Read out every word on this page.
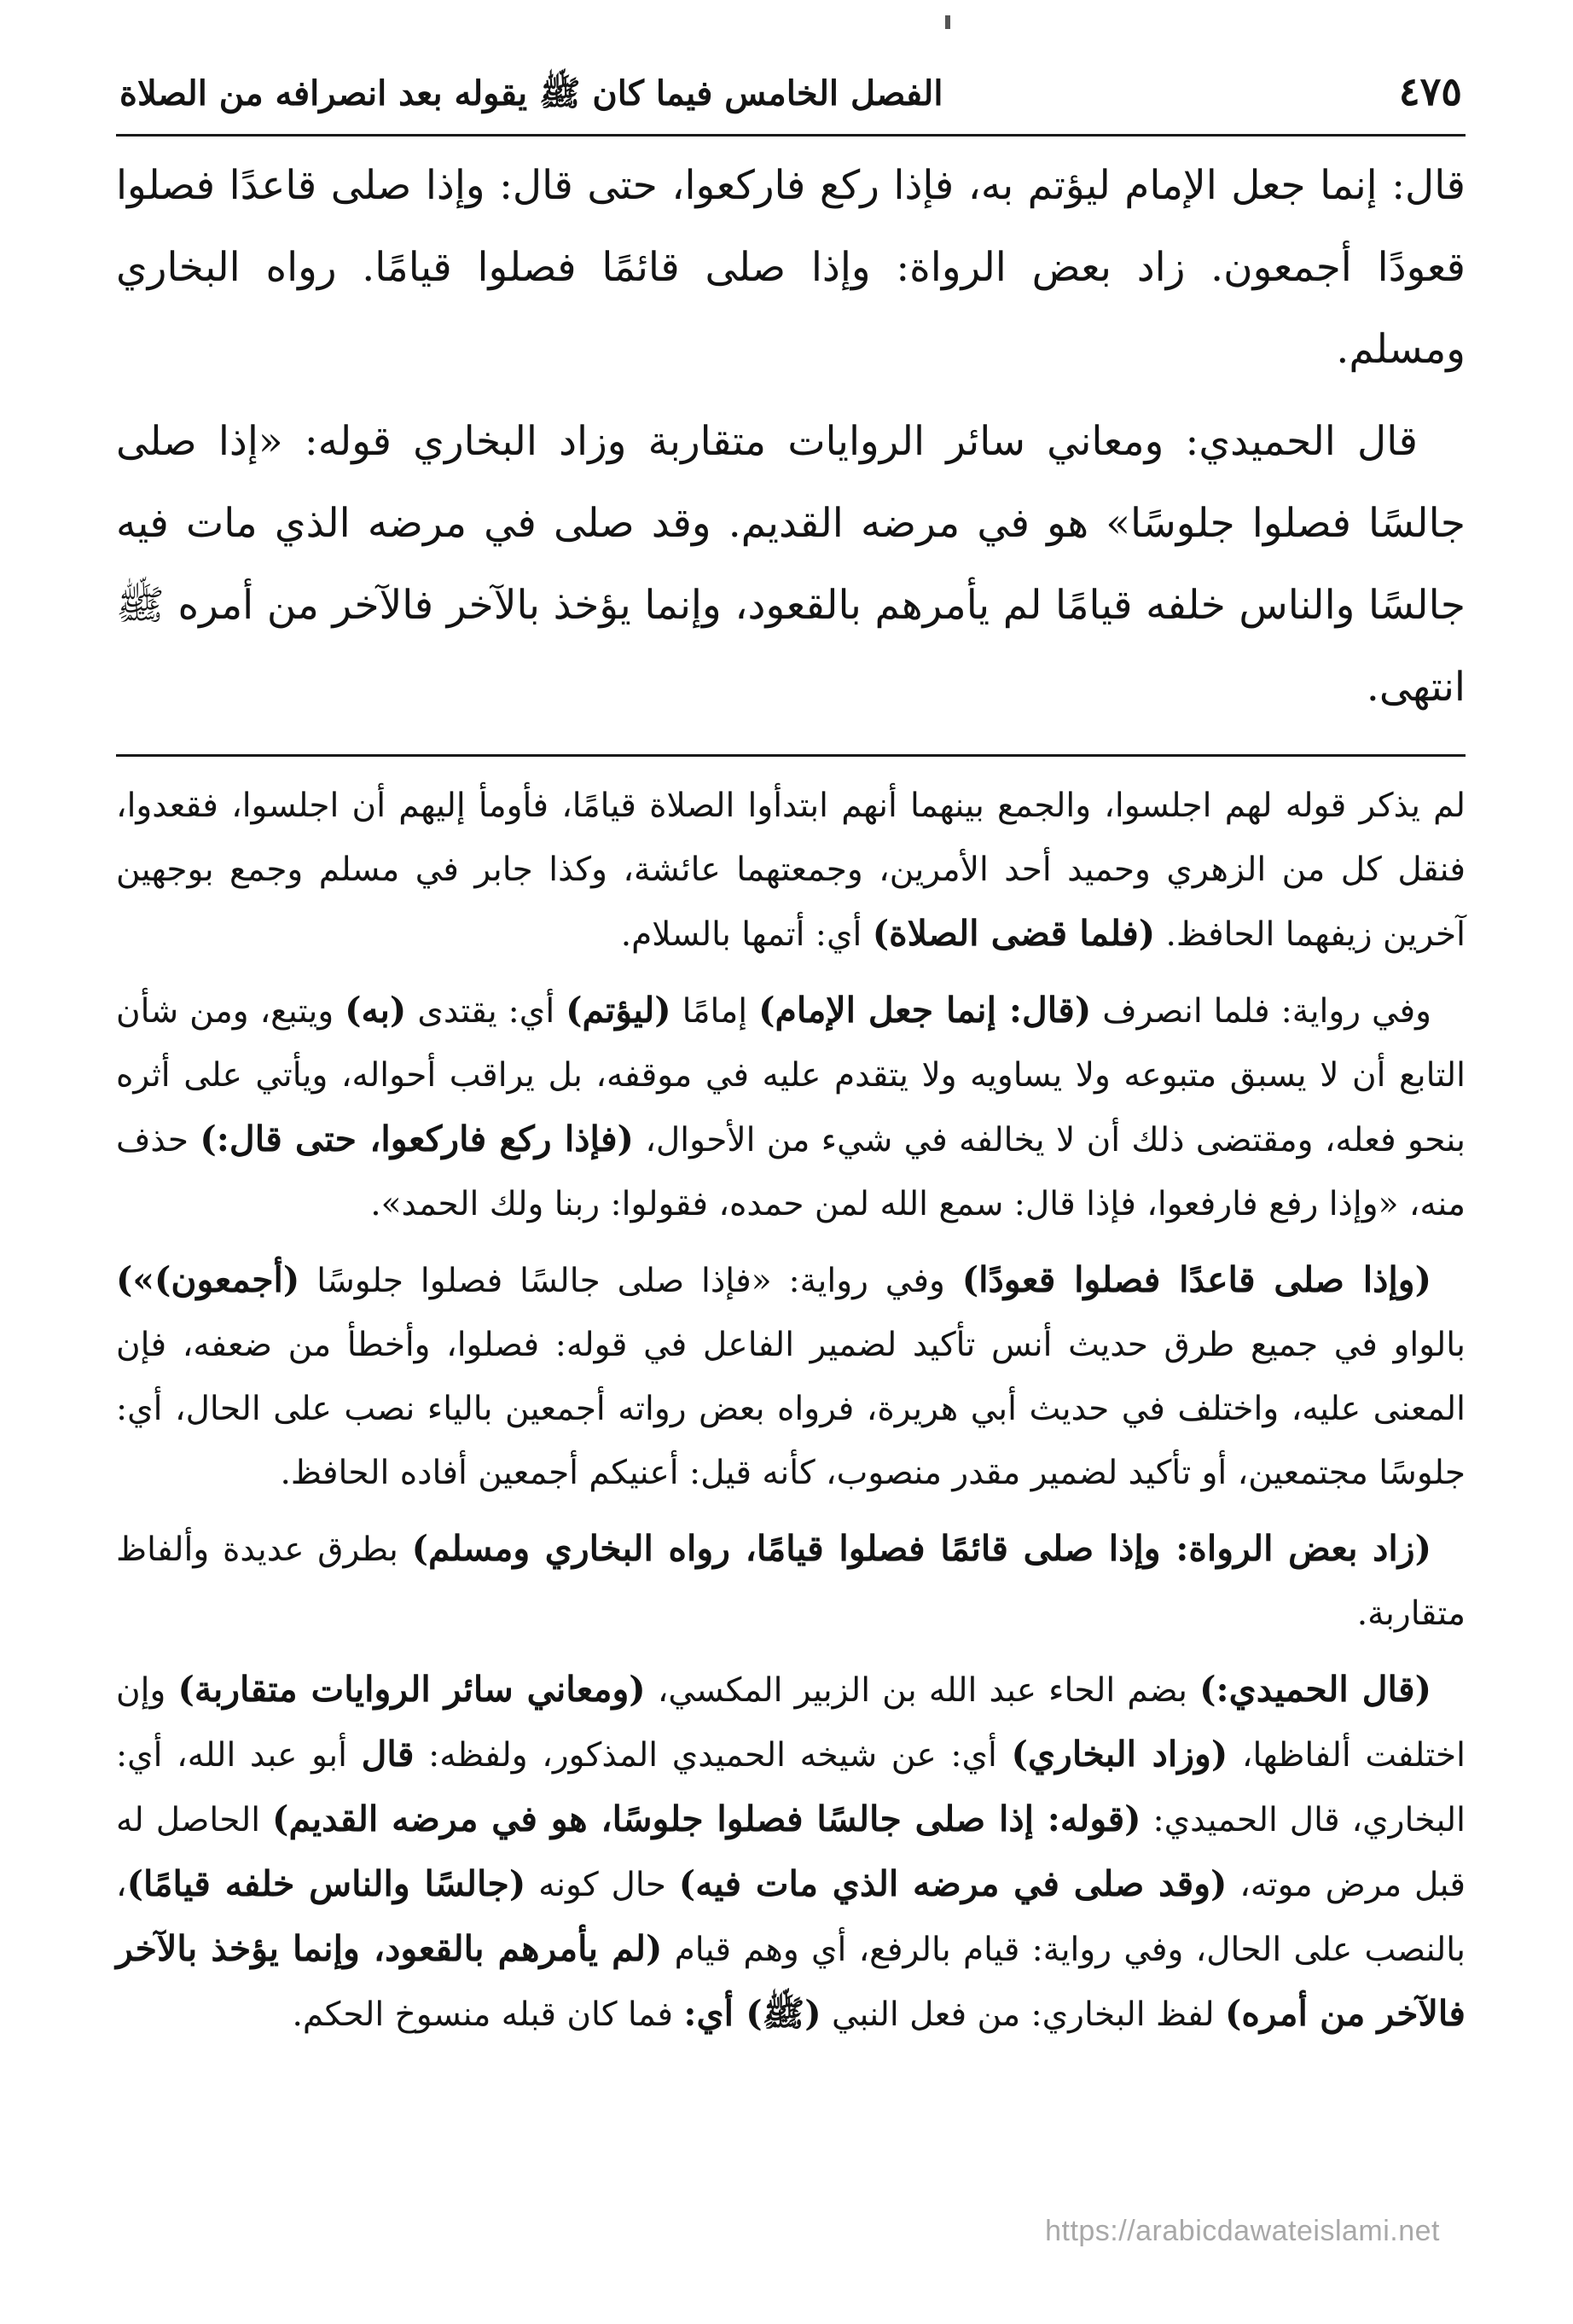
الفصل الخامس فيما كان ﷺ يقوله بعد انصرافه من الصلاة	٤٧٥

قال: إنما جعل الإمام ليؤتم به، فإذا ركع فاركعوا، حتى قال: وإذا صلى قاعدًا فصلوا قعودًا أجمعون. زاد بعض الرواة: وإذا صلى قائمًا فصلوا قيامًا. رواه البخاري ومسلم.

قال الحميدي: ومعاني سائر الروايات متقاربة وزاد البخاري قوله: «إذا صلى جالسًا فصلوا جلوسًا» هو في مرضه القديم. وقد صلى في مرضه الذي مات فيه جالسًا والناس خلفه قيامًا لم يأمرهم بالقعود، وإنما يؤخذ بالآخر فالآخر من أمره ﷺ انتهى.

لم يذكر قوله لهم اجلسوا، والجمع بينهما أنهم ابتدأوا الصلاة قيامًا، فأومأ إليهم أن اجلسوا، فقعدوا، فنقل كل من الزهري وحميد أحد الأمرين، وجمعتهما عائشة، وكذا جابر في مسلم وجمع بوجهين آخرين زيفهما الحافظ. (فلما قضى الصلاة) أي: أتمها بالسلام.

وفي رواية: فلما انصرف (قال: إنما جعل الإمام) إمامًا (ليؤتم) أي: يقتدى (به) ويتبع، ومن شأن التابع أن لا يسبق متبوعه ولا يساويه ولا يتقدم عليه في موقفه، بل يراقب أحواله، ويأتي على أثره بنحو فعله، ومقتضى ذلك أن لا يخالفه في شيء من الأحوال، (فإذا ركع فاركعوا، حتى قال:) حذف منه، «وإذا رفع فارفعوا، فإذا قال: سمع الله لمن حمده، فقولوا: ربنا ولك الحمد».

(وإذا صلى قاعدًا فصلوا قعودًا) وفي رواية: «فإذا صلى جالسًا فصلوا جلوسًا (أجمعون)») بالواو في جميع طرق حديث أنس تأكيد لضمير الفاعل في قوله: فصلوا، وأخطأ من ضعفه، فإن المعنى عليه، واختلف في حديث أبي هريرة، فرواه بعض رواته أجمعين بالياء نصب على الحال، أي: جلوسًا مجتمعين، أو تأكيد لضمير مقدر منصوب، كأنه قيل: أعنيكم أجمعين أفاده الحافظ.

(زاد بعض الرواة: وإذا صلى قائمًا فصلوا قيامًا، رواه البخاري ومسلم) بطرق عديدة وألفاظ متقاربة.

(قال الحميدي:) بضم الحاء عبد الله بن الزبير المكسي، (ومعاني سائر الروايات متقاربة) وإن اختلفت ألفاظها، (وزاد البخاري) أي: عن شيخه الحميدي المذكور، ولفظه: قال أبو عبد الله، أي: البخاري، قال الحميدي: (قوله: إذا صلى جالسًا فصلوا جلوسًا، هو في مرضه القديم) الحاصل له قبل مرض موته، (وقد صلى في مرضه الذي مات فيه) حال كونه (جالسًا والناس خلفه قيامًا)، بالنصب على الحال، وفي رواية: قيام بالرفع، أي وهم قيام (لم يأمرهم بالقعود، وإنما يؤخذ بالآخر فالآخر من أمره) لفظ البخاري: من فعل النبي (ﷺ) أي: فما كان قبله منسوخ الحكم.

https://arabicdawateislami.net
